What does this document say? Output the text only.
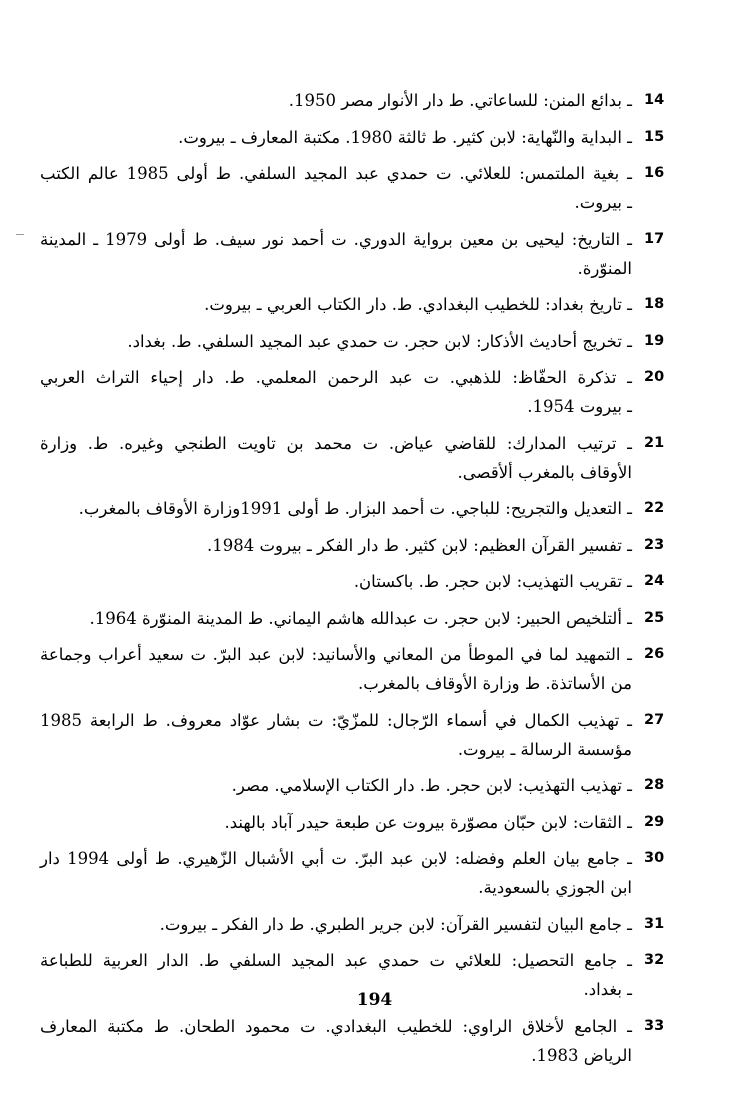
14
ـ بدائع المنن: للساعاتي. ط دار الأنوار مصر 1950.
15
ـ البداية والنّهاية: لابن كثير. ط ثالثة 1980. مكتبة المعارف ـ بيروت.
16
ـ بغية الملتمس: للعلائي. ت حمدي عبد المجيد السلفي. ط أولى 1985 عالم الكتب
ـ بيروت.
17
ـ التاريخ: ليحيى بن معين برواية الدوري. ت أحمد نور سيف. ط أولى 1979 ـ المدينة
المنوّرة.
18
ـ تاريخ بغداد: للخطيب البغدادي. ط. دار الكتاب العربي ـ بيروت.
19
ـ تخريج أحاديث الأذكار: لابن حجر. ت حمدي عبد المجيد السلفي. ط. بغداد.
20
ـ تذكرة الحفّاظ: للذهبي. ت عبد الرحمن المعلمي. ط. دار إحياء التراث العربي
ـ بيروت 1954.
21
ـ ترتيب المدارك: للقاضي عياض. ت محمد بن تاويت الطنجي وغيره. ط. وزارة
الأوقاف بالمغرب ألأقصى.
22
ـ التعديل والتجريح: للباجي. ت أحمد البزار. ط أولى 1991وزارة الأوقاف بالمغرب.
23
ـ تفسير القرآن العظيم: لابن كثير. ط دار الفكر ـ بيروت 1984.
24
ـ تقريب التهذيب: لابن حجر. ط. باكستان.
25
ـ ألتلخيص الحبير: لابن حجر. ت عبدالله هاشم اليماني. ط المدينة المنوّرة 1964.
26
ـ التمهيد لما في الموطأ من المعاني والأسانيد: لابن عبد البرّ. ت سعيد أعراب وجماعة
من الأساتذة. ط وزارة الأوقاف بالمغرب.
27
ـ تهذيب الكمال في أسماء الرّجال: للمزّيّ: ت بشار عوّاد معروف. ط الرابعة 1985
مؤسسة الرسالة ـ بيروت.
28
ـ تهذيب التهذيب: لابن حجر. ط. دار الكتاب الإسلامي. مصر.
29
ـ الثقات: لابن حبّان مصوّرة بيروت عن طبعة حيدر آباد بالهند.
30
ـ جامع بيان العلم وفضله: لابن عبد البرّ. ت أبي الأشبال الزّهيري. ط أولى 1994 دار
ابن الجوزي بالسعودية.
31
ـ جامع البيان لتفسير القرآن: لابن جرير الطبري. ط دار الفكر ـ بيروت.
32
ـ جامع التحصيل: للعلائي ت حمدي عبد المجيد السلفي ط. الدار العربية للطباعة
ـ بغداد.
33
ـ الجامع لأخلاق الراوي: للخطيب البغدادي. ت محمود الطحان. ط مكتبة المعارف
الرياض 1983.
194
